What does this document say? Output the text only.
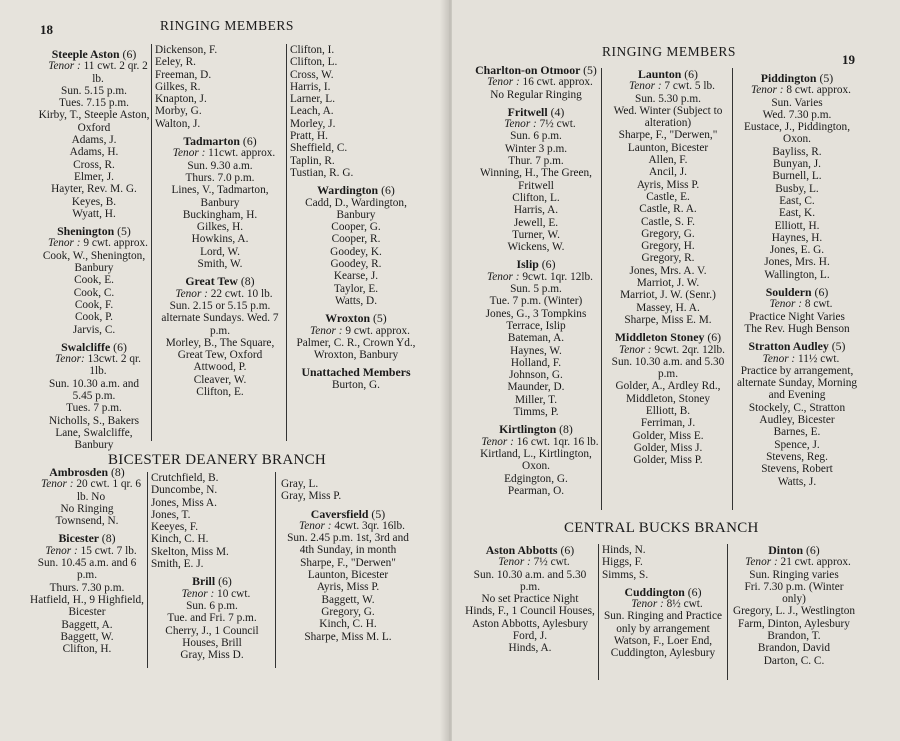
18	RINGING MEMBERS
Steeple Aston (6)
Tenor : 11 cwt. 2 qr. 2 lb.
Sun. 5.15 p.m.
Tues. 7.15 p.m.
Kirby, T., Steeple Aston, Oxford
Adams, J.
Adams, H.
Cross, R.
Elmer, J.
Hayter, Rev. M. G.
Keyes, B.
Wyatt, H.
Shenington (5)
Tenor : 9 cwt. approx.
Cook, W., Shenington, Banbury
Cook, E.
Cook, C.
Cook, F.
Cook, P.
Jarvis, C.
Swalcliffe (6)
Tenor: 13cwt. 2 qr. 1lb.
Sun. 10.30 a.m. and 5.45 p.m.
Tues. 7 p.m.
Nicholls, S., Bakers Lane, Swalcliffe, Banbury
Dickenson, F.
Eeley, R.
Freeman, D.
Gilkes, R.
Knapton, J.
Morby, G.
Walton, J.
Tadmarton (6)
Tenor : 11cwt. approx.
Sun. 9.30 a.m.
Thurs. 7.0 p.m.
Lines, V., Tadmarton, Banbury
Buckingham, H.
Gilkes, H.
Howkins, A.
Lord, W.
Smith, W.
Great Tew (8)
Tenor : 22 cwt. 10 lb.
Sun. 2.15 or 5.15 p.m. alternate Sundays. Wed. 7 p.m.
Morley, B., The Square, Great Tew, Oxford
Attwood, P.
Cleaver, W.
Clifton, E.
Clifton, I.
Clifton, L.
Cross, W.
Harris, I.
Larner, L.
Leach, A.
Morley, J.
Pratt, H.
Sheffield, C.
Taplin, R.
Tustian, R. G.
Wardington (6)
Cadd, D., Wardington, Banbury
Cooper, G.
Cooper, R.
Goodey, K.
Goodey, R.
Kearse, J.
Taylor, E.
Watts, D.
Wroxton (5)
Tenor : 9 cwt. approx.
Palmer, C. R., Crown Yd., Wroxton, Banbury
Unattached Members
Burton, G.
BICESTER DEANERY BRANCH
Ambrosden (8)
Tenor : 20 cwt. 1 qr. 6 lb. No
No Ringing
Townsend, N.
Bicester (8)
Tenor : 15 cwt. 7 lb.
Sun. 10.45 a.m. and 6 p.m.
Thurs. 7.30 p.m.
Hatfield, H., 9 Highfield, Bicester
Baggett, A.
Baggett, W.
Clifton, H.
Crutchfield, B.
Duncombe, N.
Jones, Miss A.
Jones, T.
Keeyes, F.
Kinch, C. H.
Skelton, Miss M.
Smith, E. J.
Brill (6)
Tenor : 10 cwt.
Sun. 6 p.m.
Tue. and Fri. 7 p.m.
Cherry, J., 1 Council Houses, Brill
Gray, Miss D.
Gray, L.
Gray, Miss P.
Caversfield (5)
Tenor : 4cwt. 3qr. 16lb.
Sun. 2.45 p.m. 1st, 3rd and 4th Sunday, in month
Sharpe, F., "Derwen" Launton, Bicester
Ayris, Miss P.
Baggett, W.
Gregory, G.
Kinch, C. H.
Sharpe, Miss M. L.
RINGING MEMBERS
19
Charlton-on Otmoor (5)
Tenor : 16 cwt. approx.
No Regular Ringing
Fritwell (4)
Tenor : 7½ cwt.
Sun. 6 p.m.
Winter 3 p.m.
Thur. 7 p.m.
Winning, H., The Green, Fritwell
Clifton, L.
Harris, A.
Jewell, E.
Turner, W.
Wickens, W.
Islip (6)
Tenor : 9cwt. 1qr. 12lb.
Sun. 5 p.m.
Tue. 7 p.m. (Winter)
Jones, G., 3 Tompkins Terrace, Islip
Bateman, A.
Haynes, W.
Holland, F.
Johnson, G.
Maunder, D.
Miller, T.
Timms, P.
Kirtlington (8)
Tenor : 16 cwt. 1qr. 16 lb.
Kirtland, L., Kirtlington, Oxon.
Edgington, G.
Pearman, O.
Launton (6)
Tenor : 7 cwt. 5 lb.
Sun. 5.30 p.m.
Wed. Winter (Subject to alteration)
Sharpe, F., "Derwen," Launton, Bicester
Allen, F.
Ancil, J.
Ayris, Miss P.
Castle, E.
Castle, R. A.
Castle, S. F.
Gregory, G.
Gregory, H.
Gregory, R.
Jones, Mrs. A. V.
Marriot, J. W.
Marriot, J. W. (Senr.)
Massey, H. A.
Sharpe, Miss E. M.
Middleton Stoney (6)
Tenor : 9cwt. 2qr. 12lb.
Sun. 10.30 a.m. and 5.30 p.m.
Golder, A., Ardley Rd., Middleton, Stoney
Elliott, B.
Ferriman, J.
Golder, Miss E.
Golder, Miss J.
Golder, Miss P.
Piddington (5)
Tenor : 8 cwt. approx.
Sun. Varies
Wed. 7.30 p.m.
Eustace, J., Piddington, Oxon.
Bayliss, R.
Bunyan, J.
Burnell, L.
Busby, L.
East, C.
East, K.
Elliott, H.
Haynes, H.
Jones, E. G.
Jones, Mrs. H.
Wallington, L.
Souldern (6)
Tenor : 8 cwt.
Practice Night Varies
The Rev. Hugh Benson
Stratton Audley (5)
Tenor : 11½ cwt.
Practice by arrangement, alternate Sunday, Morning and Evening
Stockely, C., Stratton Audley, Bicester
Barnes, E.
Spence, J.
Stevens, Reg.
Stevens, Robert
Watts, J.
CENTRAL BUCKS BRANCH
Aston Abbotts (6)
Tenor : 7½ cwt.
Sun. 10.30 a.m. and 5.30 p.m.
No set Practice Night
Hinds, F., 1 Council Houses, Aston Abbotts, Aylesbury
Ford, J.
Hinds, A.
Hinds, N.
Higgs, F.
Simms, S.
Cuddington (6)
Tenor : 8½ cwt.
Sun. Ringing and Practice only by arrangement
Watson, F., Loer End, Cuddington, Aylesbury
Dinton (6)
Tenor : 21 cwt. approx.
Sun. Ringing varies
Fri. 7.30 p.m. (Winter only)
Gregory, L. J., Westlington Farm, Dinton, Aylesbury
Brandon, T.
Brandon, David
Darton, C. C.
